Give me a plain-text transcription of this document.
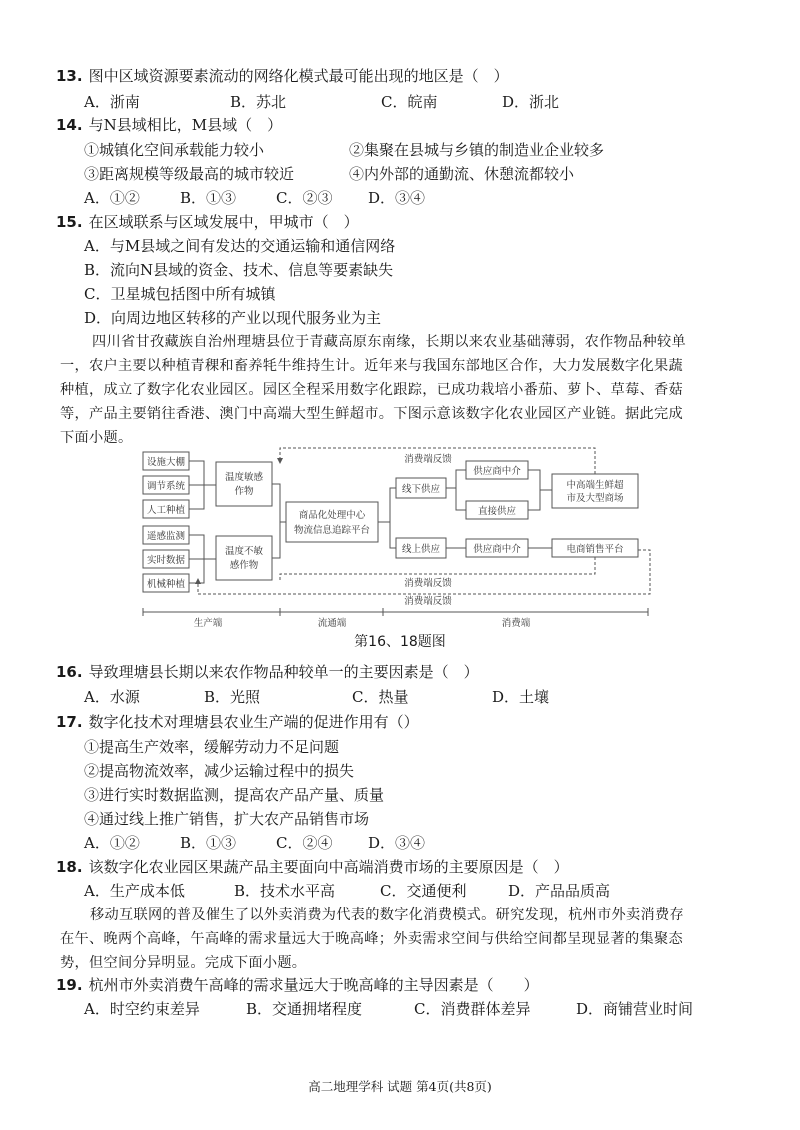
13. 图中区域资源要素流动的网络化模式最可能出现的地区是（　）
A．浙南	B．苏北	C．皖南	D．浙北
14. 与N县域相比，M县域（　）
①城镇化空间承载能力较小	②集聚在县城与乡镇的制造业企业较多
③距离规模等级最高的城市较近	④内外部的通勤流、休憩流都较小
A．①②	B．①③	C．②③ D．③④
15. 在区域联系与区域发展中，甲城市（　）
A．与M县域之间有发达的交通运输和通信网络
B．流向N县域的资金、技术、信息等要素缺失
C．卫星城包括图中所有城镇
D．向周边地区转移的产业以现代服务业为主
四川省甘孜藏族自治州理塘县位于青藏高原东南缘，长期以来农业基础薄弱，农作物品种较单
一，农户主要以种植青稞和畜养牦牛维持生计。近年来与我国东部地区合作，大力发展数字化果蔬
种植，成立了数字化农业园区。园区全程采用数字化跟踪，已成功栽培小番茄、萝卜、草莓、香菇
等，产品主要销往香港、澳门中高端大型生鲜超市。下图示意该数字化农业园区产业链。据此完成
下面小题。
设施大棚
调节系统
人工种植
遥感监测
实时数据
机械种植
温度敏感
作物
温度不敏
感作物
商品化处理中心
物流信息追踪平台
线下供应
线上供应
供应商中介
直接供应
供应商中介
中高端生鲜超
市及大型商场
电商销售平台
消费端反馈
消费端反馈
消费端反馈
生产端	流通端	消费端
第16、18题图
16. 导致理塘县长期以来农作物品种较单一的主要因素是（　）
A．水源	B．光照	C．热量	D．土壤
17. 数字化技术对理塘县农业生产端的促进作用有（）
①提高生产效率，缓解劳动力不足问题
②提高物流效率，减少运输过程中的损失
③进行实时数据监测，提高农产品产量、质量
④通过线上推广销售，扩大农产品销售市场
A．①②	B．①③	C．②④ D．③④
18. 该数字化农业园区果蔬产品主要面向中高端消费市场的主要原因是（　）
A．生产成本低	B．技术水平高	C．交通便利	D．产品品质高
移动互联网的普及催生了以外卖消费为代表的数字化消费模式。研究发现，杭州市外卖消费存
在午、晚两个高峰，午高峰的需求量远大于晚高峰；外卖需求空间与供给空间都呈现显著的集聚态
势，但空间分异明显。完成下面小题。
19. 杭州市外卖消费午高峰的需求量远大于晚高峰的主导因素是（　　）
A．时空约束差异	B．交通拥堵程度	C．消费群体差异	D．商铺营业时间
高二地理学科 试题 第4页(共8页)
